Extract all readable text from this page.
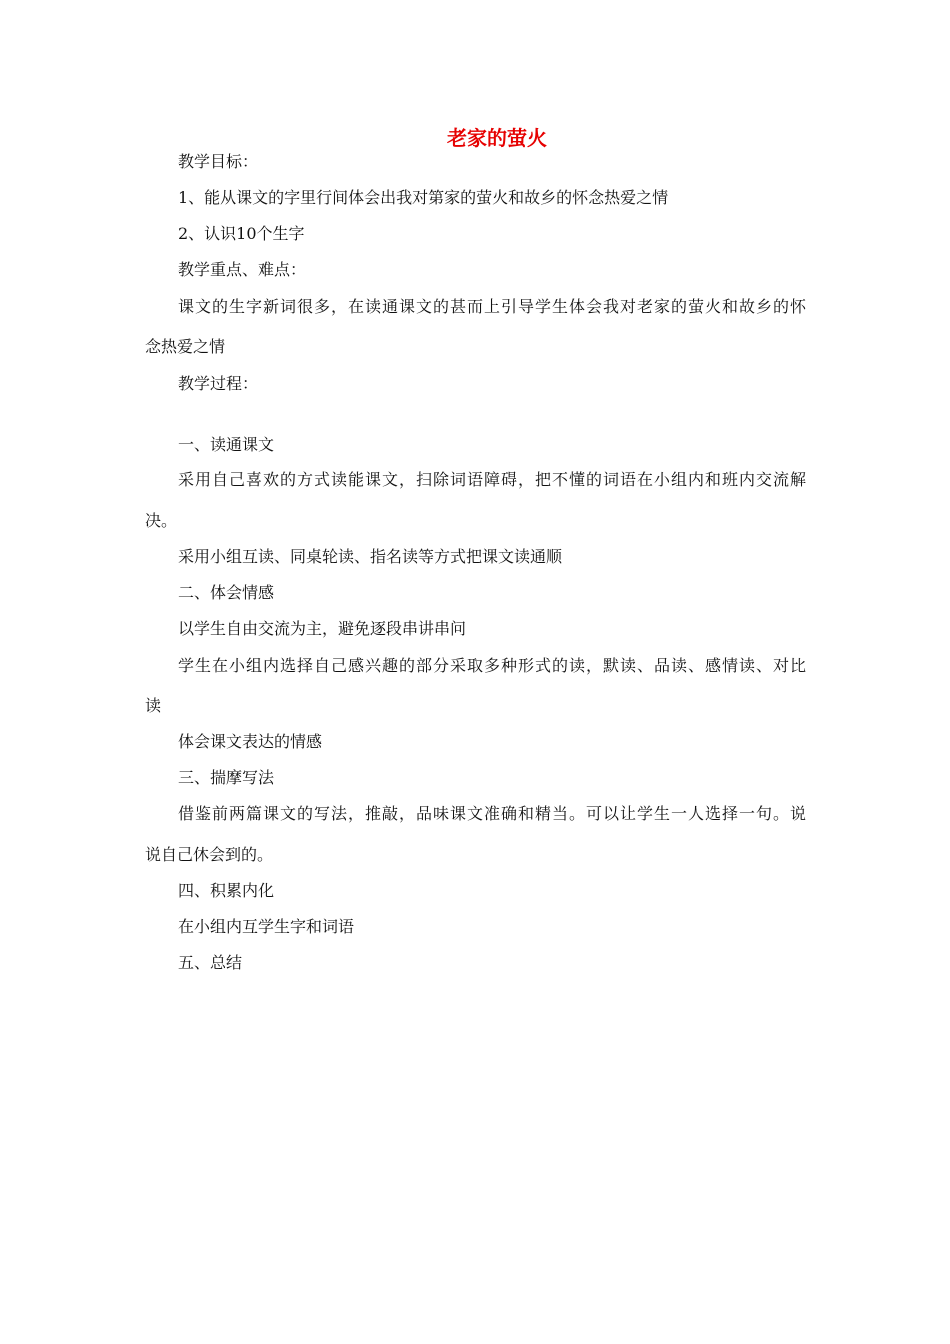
老家的萤火
教学目标：
1、能从课文的字里行间体会出我对第家的萤火和故乡的怀念热爱之情
2、认识10个生字
教学重点、难点：
课文的生字新词很多，在读通课文的甚而上引导学生体会我对老家的萤火和故乡的怀
念热爱之情
教学过程：
一、读通课文
采用自己喜欢的方式读能课文，扫除词语障碍，把不懂的词语在小组内和班内交流解
决。
采用小组互读、同桌轮读、指名读等方式把课文读通顺
二、体会情感
以学生自由交流为主，避免逐段串讲串问
学生在小组内选择自己感兴趣的部分采取多种形式的读，默读、品读、感情读、对比
读
体会课文表达的情感
三、揣摩写法
借鉴前两篇课文的写法，推敲，品味课文准确和精当。可以让学生一人选择一句。说
说自己休会到的。
四、积累内化
在小组内互学生字和词语
五、总结
